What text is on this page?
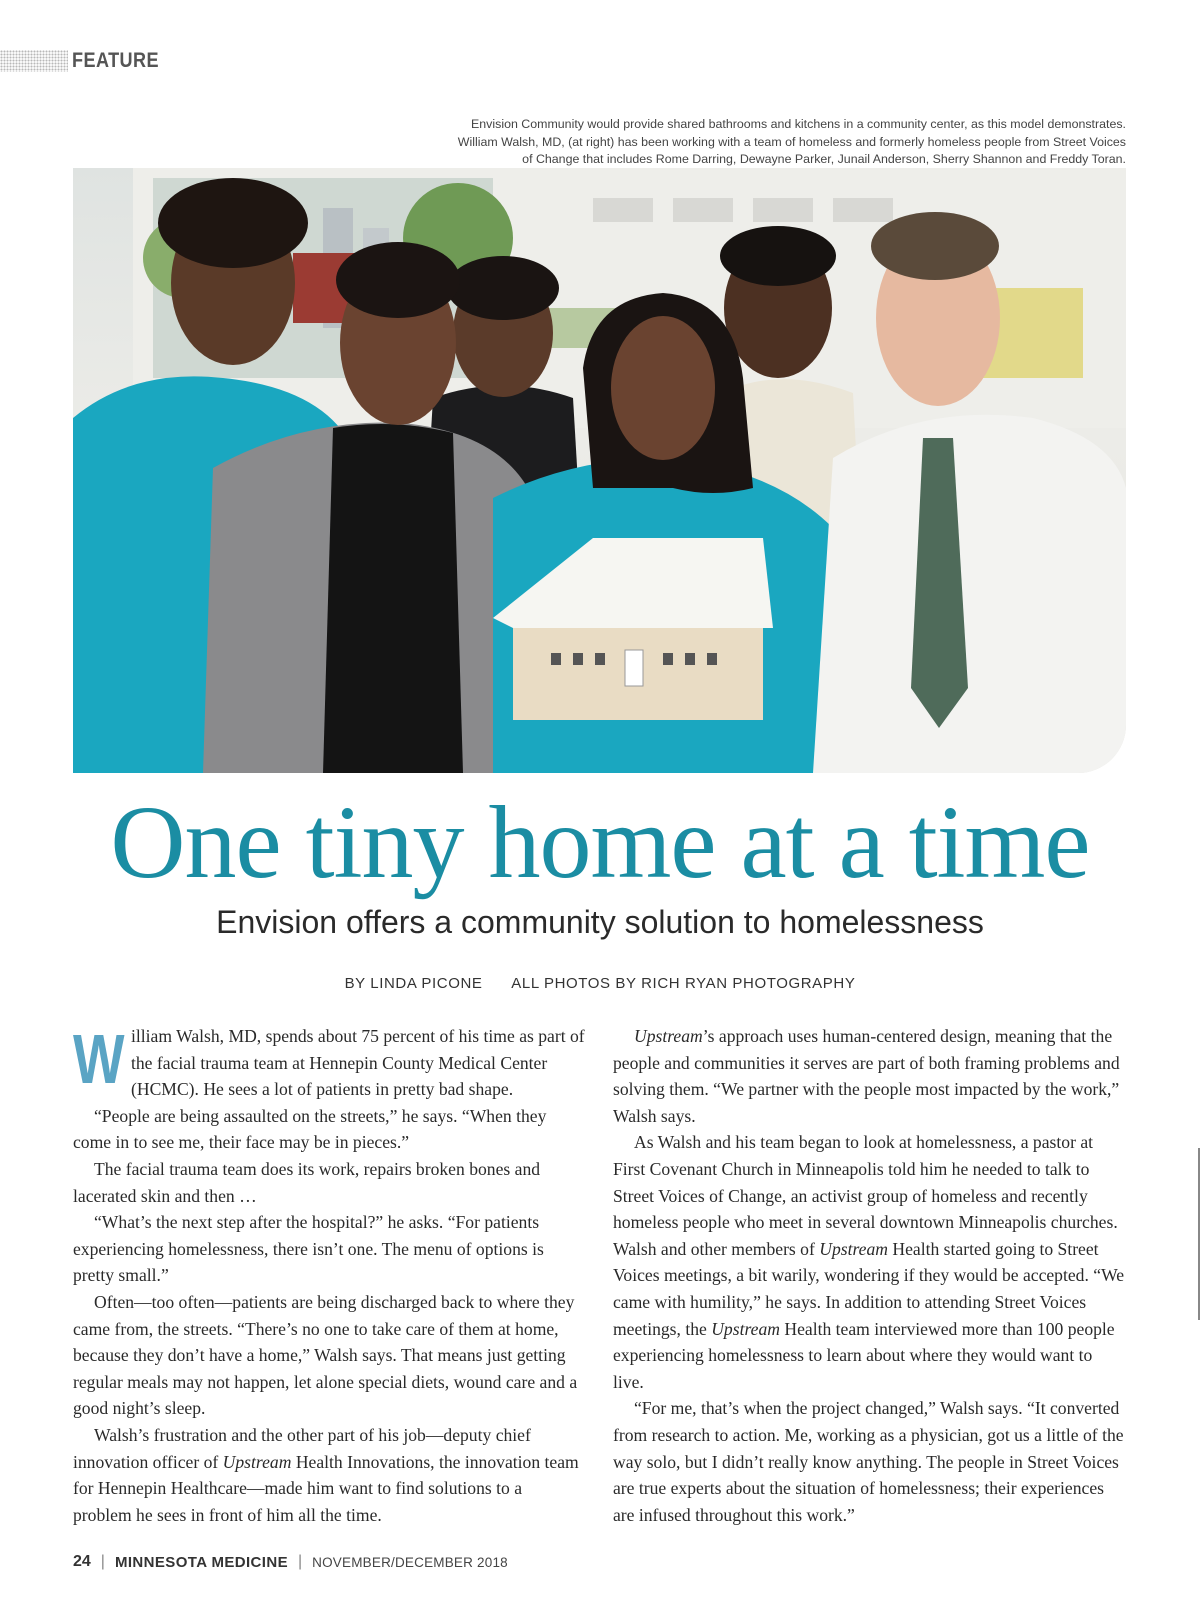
FEATURE
Envision Community would provide shared bathrooms and kitchens in a community center, as this model demonstrates.
William Walsh, MD, (at right) has been working with a team of homeless and formerly homeless people from Street Voices
of Change that includes Rome Darring, Dewayne Parker, Junail Anderson, Sherry Shannon and Freddy Toran.
One tiny home at a time
Envision offers a community solution to homelessness
BY LINDA PICONE ALL PHOTOS BY RICH RYAN PHOTOGRAPHY

William Walsh, MD, spends about 75 percent of his time as part of the facial trauma team at Hennepin County Medical Center (HCMC). He sees a lot of patients in pretty bad shape.

“People are being assaulted on the streets,” he says. “When they come in to see me, their face may be in pieces.”

The facial trauma team does its work, repairs broken bones and lacerated skin and then …

“What’s the next step after the hospital?” he asks. “For patients experiencing homelessness, there isn’t one. The menu of options is pretty small.”

Often—too often—patients are being discharged back to where they came from, the streets. “There’s no one to take care of them at home, because they don’t have a home,” Walsh says. That means just getting regular meals may not happen, let alone special diets, wound care and a good night’s sleep.

Walsh’s frustration and the other part of his job—deputy chief innovation officer of Upstream Health Innovations, the innovation team for Hennepin Healthcare—made him want to find solutions to a problem he sees in front of him all the time.

Upstream’s approach uses human-centered design, meaning that the people and communities it serves are part of both framing problems and solving them. “We partner with the people most impacted by the work,” Walsh says.

As Walsh and his team began to look at homelessness, a pastor at First Covenant Church in Minneapolis told him he needed to talk to Street Voices of Change, an activist group of homeless and recently homeless people who meet in several downtown Minneapolis churches. Walsh and other members of Upstream Health started going to Street Voices meetings, a bit warily, wondering if they would be accepted. “We came with humility,” he says. In addition to attending Street Voices meetings, the Upstream Health team interviewed more than 100 people experiencing homelessness to learn about where they would want to live.

“For me, that’s when the project changed,” Walsh says. “It converted from research to action. Me, working as a physician, got us a little of the way solo, but I didn’t really know anything. The people in Street Voices are true experts about the situation of homelessness; their experiences are infused throughout this work.”

24 | MINNESOTA MEDICINE | NOVEMBER/DECEMBER 2018
